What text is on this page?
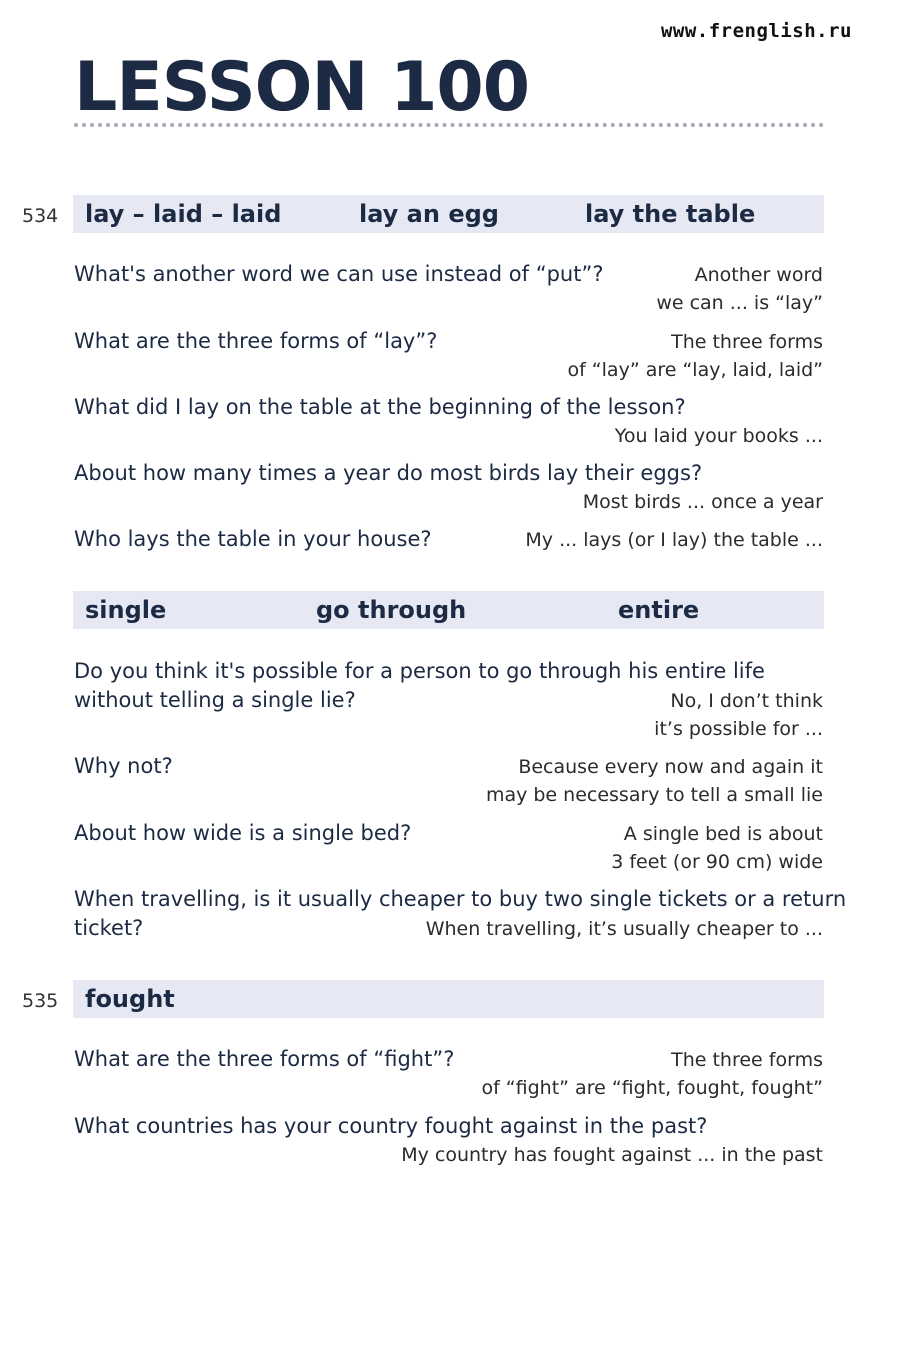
www.frenglish.ru
LESSON 100
534 lay – laid – laid	lay an egg	lay the table
What's another word we can use instead of “put”?	Another word
we can ... is “lay”
What are the three forms of “lay”?	The three forms
of “lay” are “lay, laid, laid”
What did I lay on the table at the beginning of the lesson?
You laid your books ...
About how many times a year do most birds lay their eggs?
Most birds ... once a year
Who lays the table in your house?	My ... lays (or I lay) the table ...
single	go through	entire
Do you think it's possible for a person to go through his entire life
without telling a single lie?	No, I don’t think
it’s possible for ...
Why not?	Because every now and again it
may be necessary to tell a small lie
About how wide is a single bed?	A single bed is about
3 feet (or 90 cm) wide
When travelling, is it usually cheaper to buy two single tickets or a return
ticket?	When travelling, it’s usually cheaper to ...
535 fought
What are the three forms of “fight”?	The three forms
of “fight” are “fight, fought, fought”
What countries has your country fought against in the past?
My country has fought against ... in the past
